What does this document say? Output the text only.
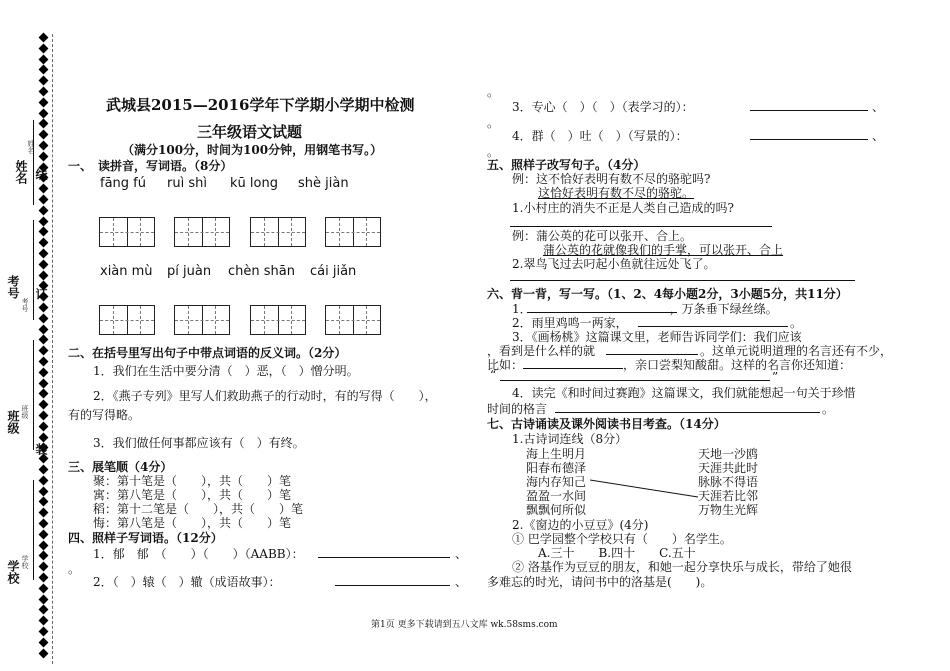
姓名
姓名
线
考号
考号
订
班级 班级
装
学校 学校
武城县2015—2016学年下学期小学期中检测
三年级语文试题
（满分100分，时间为100分钟，用钢笔书写。）
一、　读拼音，写词语。（8分）
fāng fú ruì shì kū long shè jiàn
xiàn mù pí juàn chèn shān cái jiǎn
二、在括号里写出句子中带点词语的反义词。（2分）
1．我们在生活中要分清（　）恶，（　）憎分明。
2．《燕子专列》里写人们救助燕子的行动时，有的写得（　　），
有的写得略。
3．我们做任何事都应该有（　）有终。
三、展笔顺（4分）
聚：第十笔是（　　），共（　　）笔
寓：第八笔是（　　），共（　　）笔
稻：第十二笔是（　　），共（　　）笔
悔：第八笔是（　　），共（　　）笔
四、照样子写词语。（12分）
1．郁　郁　（　　）（　　）（AABB）：	、
。
2．（　）辕（　）辙（成语故事）：	、
。
3．专心（　）（　）（表学习的）：	、
。
4．群（　）吐（　）（写景的）：	、
。
五、照样子改写句子。（4分）
例：这不恰好表明有数不尽的骆驼吗?
这恰好表明有数不尽的骆驼。
1.小村庄的消失不正是人类自己造成的吗?
例：蒲公英的花可以张开、合上。
蒲公英的花就像我们的手掌，可以张开、合上
2.翠鸟飞过去叼起小鱼就往远处飞了。
六、背一背，写一写。（1、2、4每小题2分，3小题5分，共11分）
1．　　　　　　　　　　　　，万条垂下绿丝绦。
2．雨里鸡鸣一两家，	。
3．《画杨桃》这篇课文里，老师告诉同学们：我们应该
，看到是什么样的就	。这单元说明道理的名言还有不少，
比如：	，亲口尝梨知酸甜。这样的名言你还知道：
“	”
4．读完《和时间过赛跑》这篇课文，我们就能想起一句关于珍惜
时间的格言	。
七、古诗诵读及课外阅读书目考查。（14分）
1.古诗词连线（8分）
海上生明月
阳春布德泽
海内存知己
盈盈一水间
飘飘何所似
天地一沙鸥
天涯共此时
脉脉不得语
天涯若比邻
万物生光辉
2.《窗边的小豆豆》(4分)
① 巴学园整个学校只有（　　）名学生。
A.三十　　B.四十　　C.五十
② 洛基作为豆豆的朋友，和她一起分享快乐与成长，带给了她很
多难忘的时光，请问书中的洛基是(　　)。
第1页 更多下载请到五八文库 wk.58sms.com
